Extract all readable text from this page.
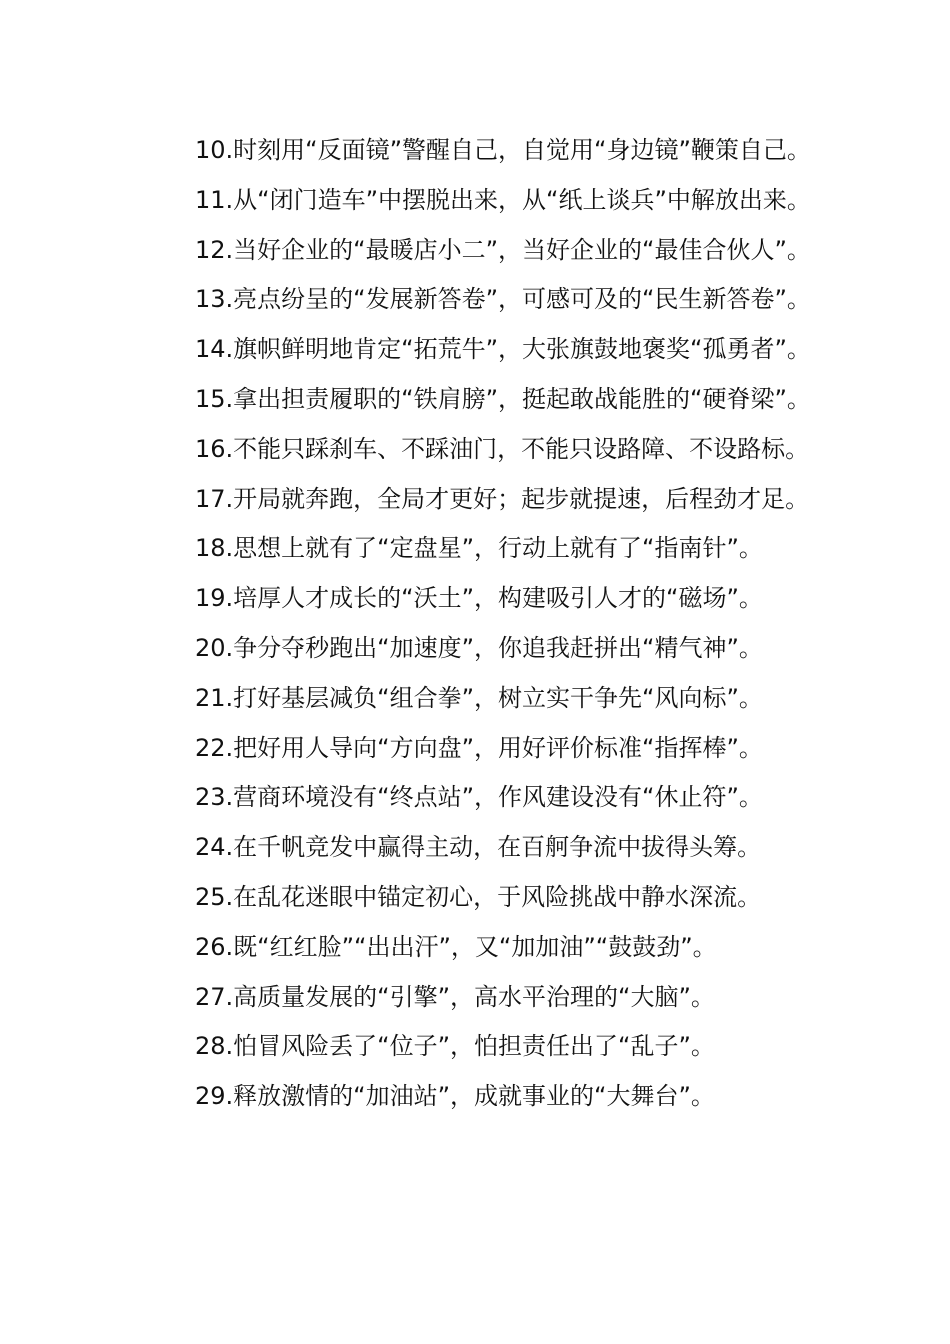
10.时刻用“反面镜”警醒自己，自觉用“身边镜”鞭策自己。

11.从“闭门造车”中摆脱出来，从“纸上谈兵”中解放出来。

12.当好企业的“最暖店小二”，当好企业的“最佳合伙人”。

13.亮点纷呈的“发展新答卷”，可感可及的“民生新答卷”。

14.旗帜鲜明地肯定“拓荒牛”，大张旗鼓地褒奖“孤勇者”。

15.拿出担责履职的“铁肩膀”，挺起敢战能胜的“硬脊梁”。

16.不能只踩刹车、不踩油门，不能只设路障、不设路标。

17.开局就奔跑，全局才更好；起步就提速，后程劲才足。

18.思想上就有了“定盘星”，行动上就有了“指南针”。

19.培厚人才成长的“沃土”，构建吸引人才的“磁场”。

20.争分夺秒跑出“加速度”，你追我赶拼出“精气神”。

21.打好基层减负“组合拳”，树立实干争先“风向标”。

22.把好用人导向“方向盘”，用好评价标准“指挥棒”。

23.营商环境没有“终点站”，作风建设没有“休止符”。

24.在千帆竞发中赢得主动，在百舸争流中拔得头筹。

25.在乱花迷眼中锚定初心，于风险挑战中静水深流。

26.既“红红脸”“出出汗”，又“加加油”“鼓鼓劲”。

27.高质量发展的“引擎”，高水平治理的“大脑”。

28.怕冒风险丢了“位子”，怕担责任出了“乱子”。

29.释放激情的“加油站”，成就事业的“大舞台”。
